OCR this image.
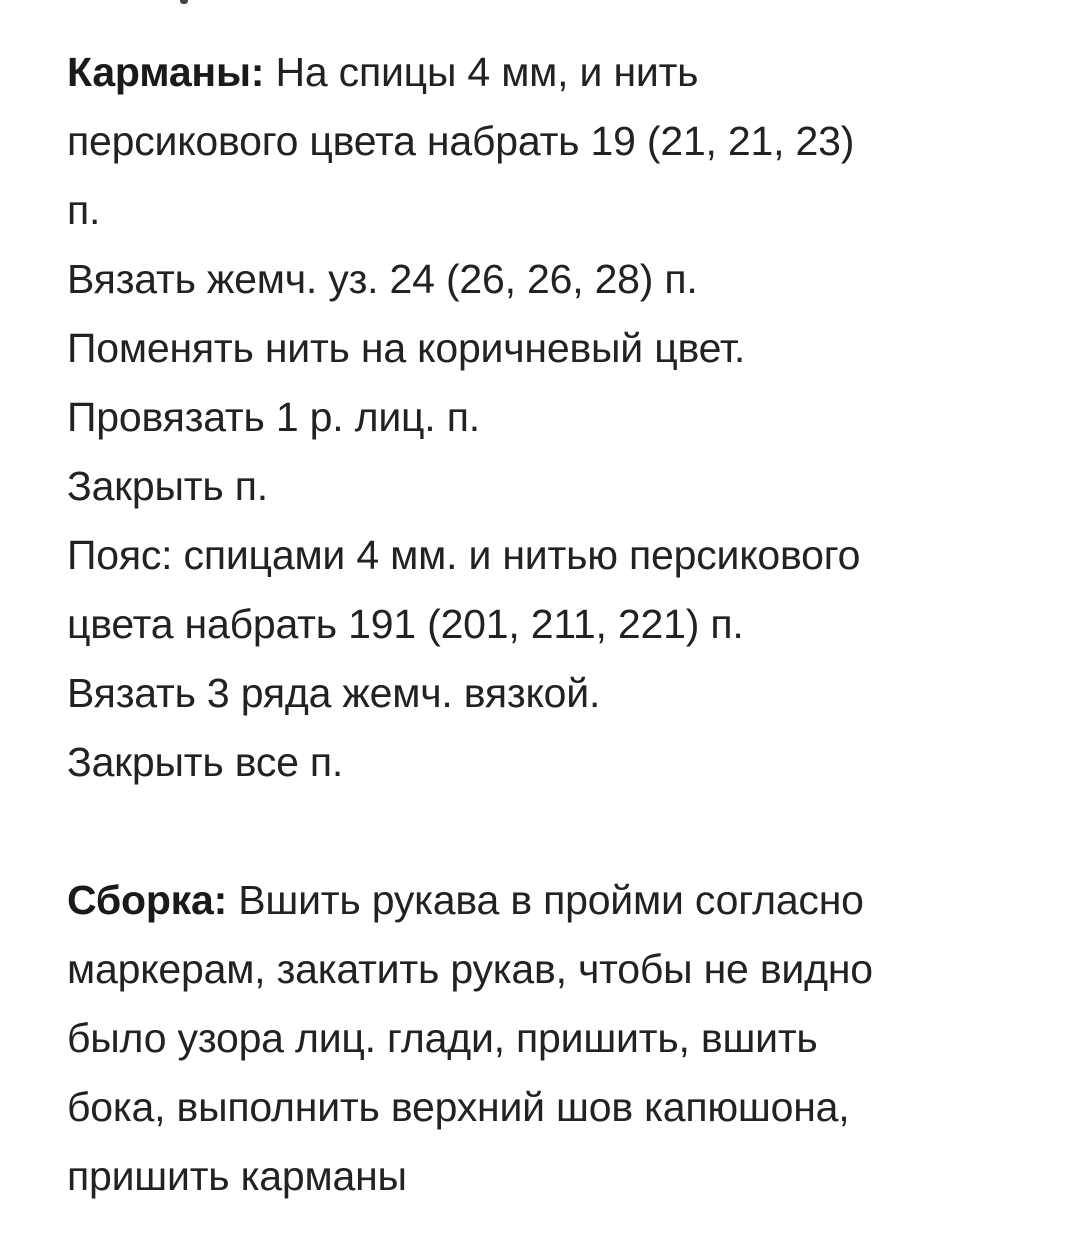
Карманы: На спицы 4 мм, и нить
персикового цвета набрать 19 (21, 21, 23)
п.
Вязать жемч. уз. 24 (26, 26, 28) п.
Поменять нить на коричневый цвет.
Провязать 1 р. лиц. п.
Закрыть п.
Пояс: спицами 4 мм. и нитью персикового
цвета набрать 191 (201, 211, 221) п.
Вязать 3 ряда жемч. вязкой.
Закрыть все п.
Сборка: Вшить рукава в пройми согласно
маркерам, закатить рукав, чтобы не видно
было узора лиц. глади, пришить, вшить
бока, выполнить верхний шов капюшона,
пришить карманы
